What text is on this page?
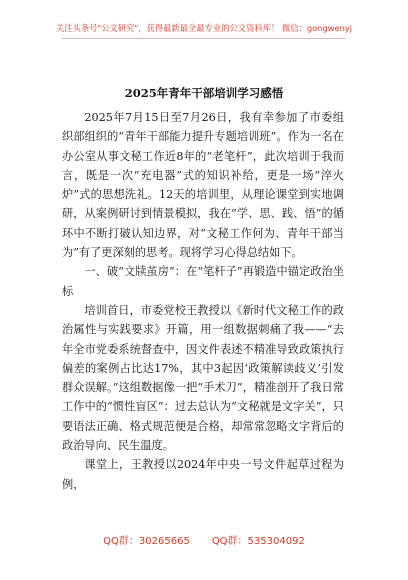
关注头条号"公文研究"，获得最新最全最专业的公文资料库！ 微信：gongwenyj
2025年青年干部培训学习感悟

2025年7月15日至7月26日，我有幸参加了市委组织部组织的“青年干部能力提升专题培训班”。作为一名在办公室从事文秘工作近8年的“老笔杆”，此次培训于我而言，既是一次“充电器”式的知识补给，更是一场“淬火炉”式的思想洗礼。12天的培训里，从理论课堂到实地调研，从案例研讨到情景模拟，我在“学、思、践、悟”的循环中不断打破认知边界，对“文秘工作何为、青年干部当为”有了更深刻的思考。现将学习心得总结如下。

一、破“文牍茧房”：在“笔杆子”再锻造中锚定政治坐标

培训首日，市委党校王教授以《新时代文秘工作的政治属性与实践要求》开篇，用一组数据刺痛了我——“去年全市党委系统督查中，因文件表述不精准导致政策执行偏差的案例占比达17%，其中3起因‘政策解读歧义’引发群众误解。”这组数据像一把“手术刀”，精准剖开了我日常工作中的“惯性盲区”：过去总认为“文秘就是文字关”，只要语法正确、格式规范便是合格，却常常忽略文字背后的政治导向、民生温度。

课堂上，王教授以2024年中央一号文件起草过程为例，

QQ群：30265665 QQ群：535304092
